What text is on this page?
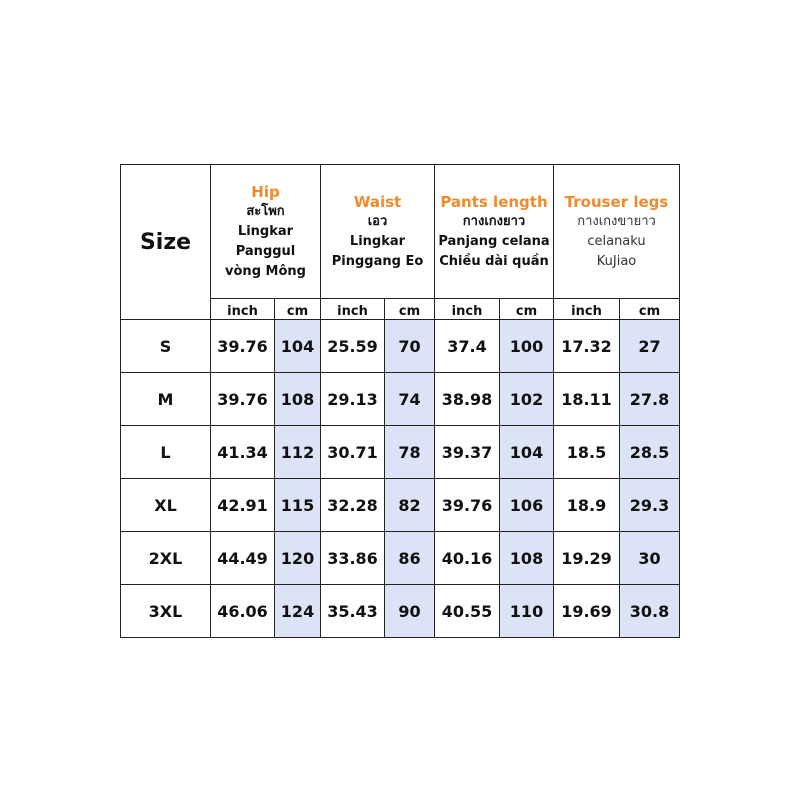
Size	Hip
สะโพก
Lingkar
Panggul
vòng Mông		Waist
เอว
Lingkar
Pinggang Eo		Pants length
กางเกงยาว
Panjang celana
Chiều dài quần		Trouser legs
กางเกงขายาว
celanaku
KuJiao	

	inch	cm	inch	cm	inch	cm	inch	cm
S	39.76	104	25.59	70	37.4	100	17.32	27
M	39.76	108	29.13	74	38.98	102	18.11	27.8
L	41.34	112	30.71	78	39.37	104	18.5	28.5
XL	42.91	115	32.28	82	39.76	106	18.9	29.3
2XL	44.49	120	33.86	86	40.16	108	19.29	30
3XL	46.06	124	35.43	90	40.55	110	19.69	30.8
